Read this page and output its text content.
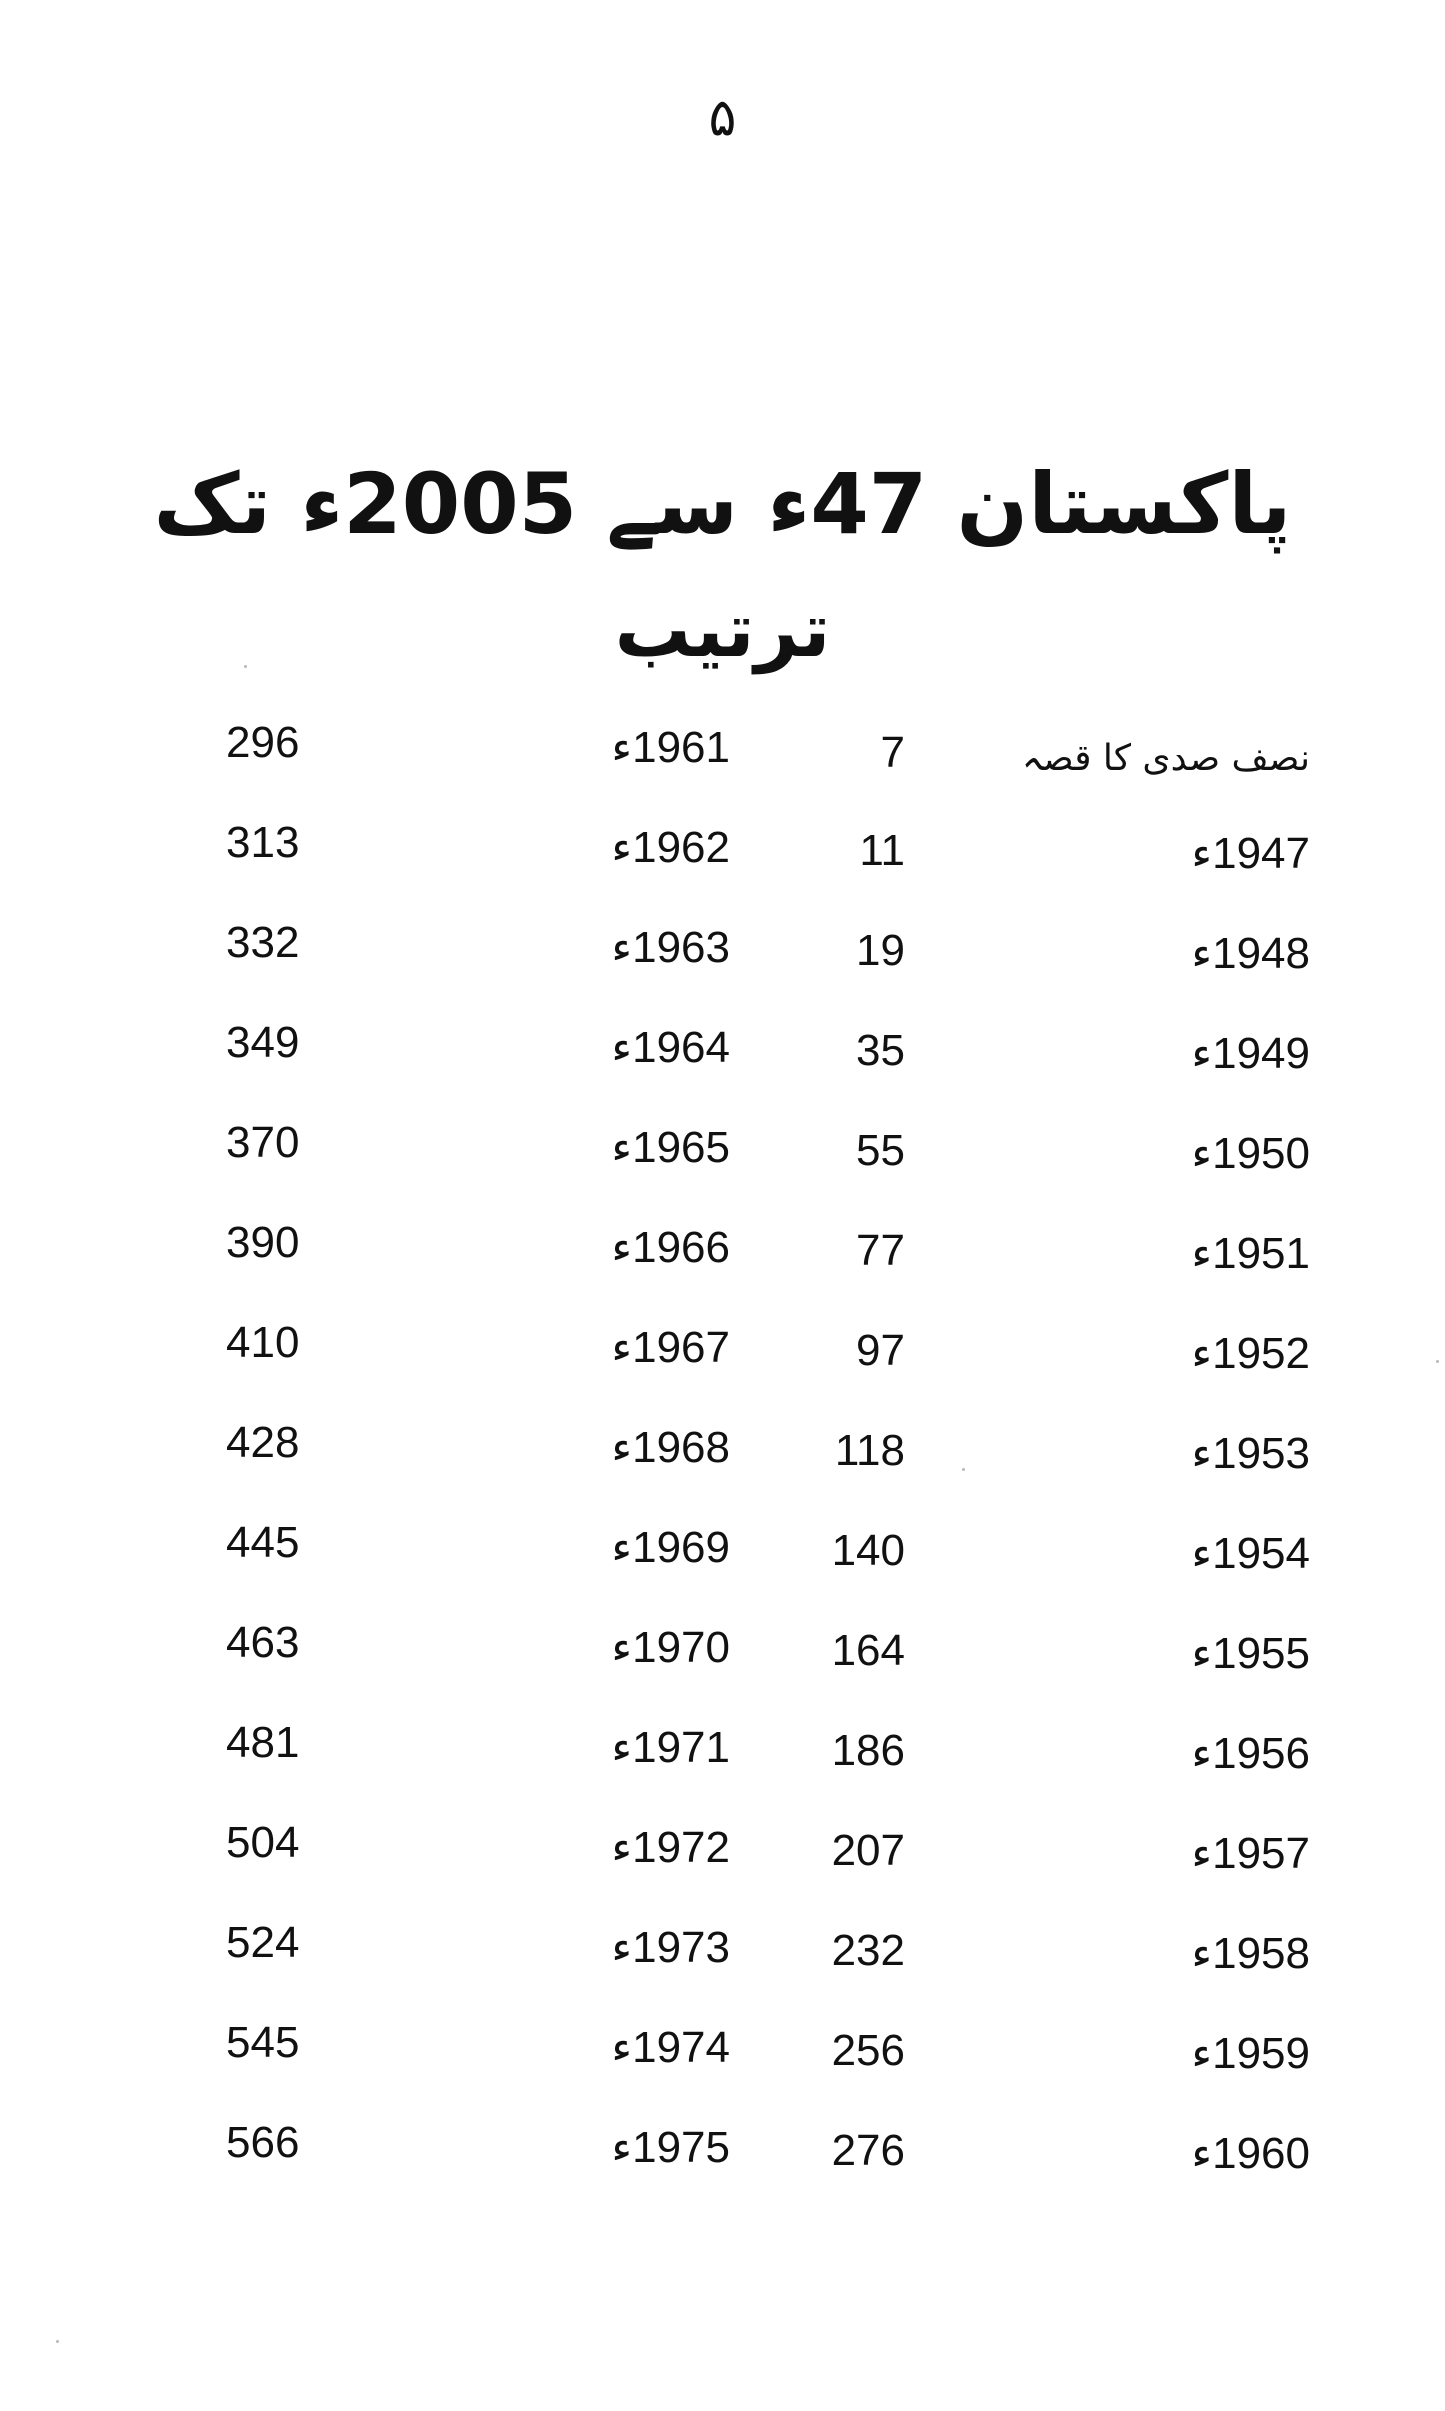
۵
پاکستان 47ء سے 2005ء تک
ترتیب
نصف صدی کا قصہ
7
1961ء
296
1947ء
11
1962ء
313
1948ء
19
1963ء
332
1949ء
35
1964ء
349
1950ء
55
1965ء
370
1951ء
77
1966ء
390
1952ء
97
1967ء
410
1953ء
118
1968ء
428
1954ء
140
1969ء
445
1955ء
164
1970ء
463
1956ء
186
1971ء
481
1957ء
207
1972ء
504
1958ء
232
1973ء
524
1959ء
256
1974ء
545
1960ء
276
1975ء
566
